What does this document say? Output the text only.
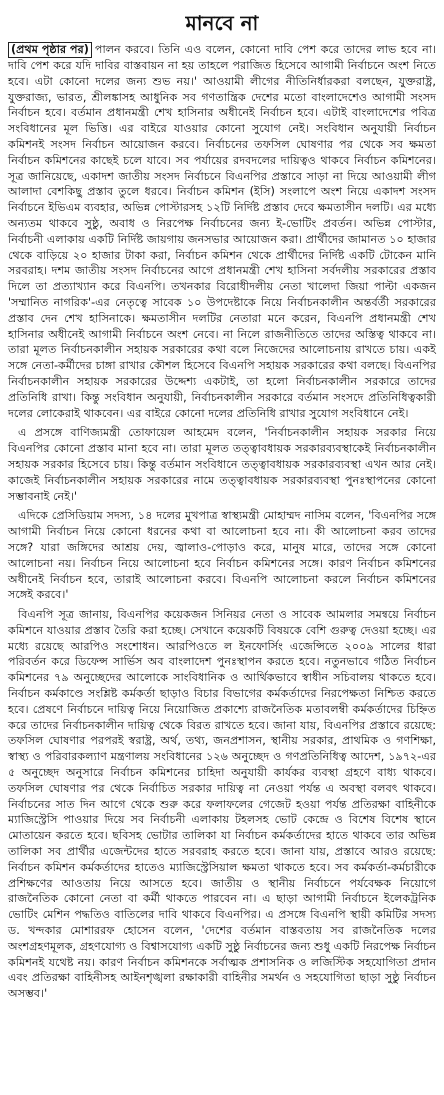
মানবে না

(প্রথম পৃষ্ঠার পর) পালন করবে। তিনি এও বলেন, কোনো দাবি পেশ করে তাদের লাভ হবে না। দাবি পেশ করে যদি দাবির বাস্তবায়ন না হয় তাহলে পরাজিত হিসেবে আগামী নির্বাচনে অংশ নিতে হবে। এটা কোনো দলের জন্য শুভ নয়।' আওয়ামী লীগের নীতিনির্ধারকরা বলছেন, যুক্তরাষ্ট্র, যুক্তরাজ্য, ভারত, শ্রীলঙ্কাসহ আধুনিক সব গণতান্ত্রিক দেশের মতো বাংলাদেশেও আগামী সংসদ নির্বাচন হবে। বর্তমান প্রধানমন্ত্রী শেখ হাসিনার অধীনেই নির্বাচন হবে। এটাই বাংলাদেশের পবিত্র সংবিধানের মূল ভিত্তি। এর বাইরে যাওয়ার কোনো সুযোগ নেই। সংবিধান অনুযায়ী নির্বাচন কমিশনই সংসদ নির্বাচন আয়োজন করবে। নির্বাচনের তফসিল ঘোষণার পর থেকে সব ক্ষমতা নির্বাচন কমিশনের কাছেই চলে যাবে। সব পর্যায়ের রদবদলের দায়িত্বও থাকবে নির্বাচন কমিশনের। সূত্র জানিয়েছে, একাদশ জাতীয় সংসদ নির্বাচনে বিএনপির প্রস্তাবে সাড়া না দিয়ে আওয়ামী লীগ আলাদা বেশকিছু প্রস্তাব তুলে ধরবে। নির্বাচন কমিশন (ইসি) সংলাপে অংশ নিয়ে একাদশ সংসদ নির্বাচনে ইভিএম ব্যবহার, অভিন্ন পোস্টারসহ ১২টি নির্দিষ্ট প্রস্তাব দেবে ক্ষমতাসীন দলটি। এর মধ্যে অন্যতম থাকবে সুষ্ঠু, অবাধ ও নিরপেক্ষ নির্বাচনের জন্য ই-ভোটিং প্রবর্তন। অভিন্ন পোস্টার, নির্বাচনী এলাকায় একটি নির্দিষ্ট জায়গায় জনসভার আয়োজন করা। প্রার্থীদের জামানত ১০ হাজার থেকে বাড়িয়ে ২০ হাজার টাকা করা, নির্বাচন কমিশন থেকে প্রার্থীদের নির্দিষ্ট একটি টোকেন মানি সরবরাহ। দশম জাতীয় সংসদ নির্বাচনের আগে প্রধানমন্ত্রী শেখ হাসিনা সর্বদলীয় সরকারের প্রস্তাব দিলে তা প্রত্যাখ্যান করে বিএনপি। তখনকার বিরোধীদলীয় নেতা খালেদা জিয়া পাল্টা একজন 'সম্মানিত নাগরিক'-এর নেতৃত্বে সাবেক ১০ উপদেষ্টাকে নিয়ে নির্বাচনকালীন অন্তর্বর্তী সরকারের প্রস্তাব দেন শেখ হাসিনাকে। ক্ষমতাসীন দলটির নেতারা মনে করেন, বিএনপি প্রধানমন্ত্রী শেখ হাসিনার অধীনেই আগামী নির্বাচনে অংশ নেবে। না নিলে রাজনীতিতে তাদের অস্তিত্ব থাকবে না। তারা মূলত নির্বাচনকালীন সহায়ক সরকারের কথা বলে নিজেদের আলোচনায় রাখতে চায়। একই সঙ্গে নেতা-কর্মীদের চাঙ্গা রাখার কৌশল হিসেবে বিএনপি সহায়ক সরকারের কথা বলছে। বিএনপির নির্বাচনকালীন সহায়ক সরকারের উদ্দেশ্য একটাই, তা হলো নির্বাচনকালীন সরকারে তাদের প্রতিনিধি রাখা। কিন্তু সংবিধান অনুযায়ী, নির্বাচনকালীন সরকারে বর্তমান সংসদে প্রতিনিধিত্বকারী দলের লোকেরাই থাকবেন। এর বাইরে কোনো দলের প্রতিনিধি রাখার সুযোগ সংবিধানে নেই।

এ প্রসঙ্গে বাণিজ্যমন্ত্রী তোফায়েল আহমেদ বলেন, 'নির্বাচনকালীন সহায়ক সরকার নিয়ে বিএনপির কোনো প্রস্তাব মানা হবে না। তারা মূলত তত্ত্বাবধায়ক সরকারব্যবস্থাকেই নির্বাচনকালীন সহায়ক সরকার হিসেবে চায়। কিন্তু বর্তমান সংবিধানে তত্ত্বাবধায়ক সরকারব্যবস্থা এখন আর নেই। কাজেই নির্বাচনকালীন সহায়ক সরকারের নামে তত্ত্বাবধায়ক সরকারব্যবস্থা পুনঃস্থাপনের কোনো সম্ভাবনাই নেই।'

এদিকে প্রেসিডিয়াম সদস্য, ১৪ দলের মুখপাত্র স্বাস্থ্যমন্ত্রী মোহাম্মদ নাসিম বলেন, 'বিএনপির সঙ্গে আগামী নির্বাচন নিয়ে কোনো ধরনের কথা বা আলোচনা হবে না। কী আলোচনা করব তাদের সঙ্গে? যারা জঙ্গিদের আশ্রয় দেয়, জ্বালাও-পোড়াও করে, মানুষ মারে, তাদের সঙ্গে কোনো আলোচনা নয়। নির্বাচন নিয়ে আলোচনা হবে নির্বাচন কমিশনের সঙ্গে। কারণ নির্বাচন কমিশনের অধীনেই নির্বাচন হবে, তারাই আলোচনা করবে। বিএনপি আলোচনা করলে নির্বাচন কমিশনের সঙ্গেই করবে।'

বিএনপি সূত্র জানায়, বিএনপির কয়েকজন সিনিয়র নেতা ও সাবেক আমলার সমন্বয়ে নির্বাচন কমিশনে যাওয়ার প্রস্তাব তৈরি করা হচ্ছে। সেখানে কয়েকটি বিষয়কে বেশি গুরুত্ব দেওয়া হচ্ছে। এর মধ্যে রয়েছে আরপিও সংশোধন। আরপিওতে ল ইনফোর্সিং এজেন্সিতে ২০০৯ সালের ধারা পরিবর্তন করে ডিফেন্স সার্ভিস অব বাংলাদেশ পুনঃস্থাপন করতে হবে। নতুনভাবে গঠিত নির্বাচন কমিশনের ৭৯ অনুচ্ছেদের আলোকে সাংবিধানিক ও আর্থিকভাবে স্বাধীন সচিবালয় থাকতে হবে। নির্বাচন কর্মকাণ্ডে সংশ্লিষ্ট কর্মকর্তা ছাড়াও বিচার বিভাগের কর্মকর্তাদের নিরপেক্ষতা নিশ্চিত করতে হবে। প্রেষণে নির্বাচনে দায়িত্ব নিয়ে নিয়োজিত প্রকাশ্যে রাজনৈতিক মতাবলম্বী কর্মকর্তাদের চিহ্নিত করে তাদের নির্বাচনকালীন দায়িত্ব থেকে বিরত রাখতে হবে। জানা যায়, বিএনপির প্রস্তাবে রয়েছে: তফসিল ঘোষণার পরপরই স্বরাষ্ট্র, অর্থ, তথ্য, জনপ্রশাসন, স্থানীয় সরকার, প্রাথমিক ও গণশিক্ষা, স্বাস্থ্য ও পরিবারকল্যাণ মন্ত্রণালয় সংবিধানের ১২৬ অনুচ্ছেদ ও গণপ্রতিনিধিত্ব আদেশ, ১৯৭২-এর ৫ অনুচ্ছেদ অনুসারে নির্বাচন কমিশনের চাহিদা অনুযায়ী কার্যকর ব্যবস্থা গ্রহণে বাধ্য থাকবে। তফসিল ঘোষণার পর থেকে নির্বাচিত সরকার দায়িত্ব না নেওয়া পর্যন্ত এ অবস্থা বলবৎ থাকবে। নির্বাচনের সাত দিন আগে থেকে শুরু করে ফলাফলের গেজেট হওয়া পর্যন্ত প্রতিরক্ষা বাহিনীকে ম্যাজিস্ট্রেসি পাওয়ার দিয়ে সব নির্বাচনী এলাকায় টহলসহ ভোট কেন্দ্রে ও বিশেষ বিশেষ স্থানে মোতায়েন করতে হবে। ছবিসহ ভোটার তালিকা যা নির্বাচন কর্মকর্তাদের হাতে থাকবে তার অভিন্ন তালিকা সব প্রার্থীর এজেন্টদের হাতে সরবরাহ করতে হবে। জানা যায়, প্রস্তাবে আরও রয়েছে: নির্বাচন কমিশন কর্মকর্তাদের হাতেও ম্যাজিস্ট্রেসিয়াল ক্ষমতা থাকতে হবে। সব কর্মকর্তা-কর্মচারীকে প্রশিক্ষণের আওতায় নিয়ে আসতে হবে। জাতীয় ও স্থানীয় নির্বাচনে পর্যবেক্ষক নিয়োগে রাজনৈতিক কোনো নেতা বা কর্মী থাকতে পারবেন না। এ ছাড়া আগামী নির্বাচনে ইলেকট্রনিক ভোটিং মেশিন পদ্ধতিও বাতিলের দাবি থাকবে বিএনপির। এ প্রসঙ্গে বিএনপি স্থায়ী কমিটির সদস্য ড. খন্দকার মোশাররফ হোসেন বলেন, 'দেশের বর্তমান বাস্তবতায় সব রাজনৈতিক দলের অংশগ্রহণমূলক, গ্রহণযোগ্য ও বিশ্বাসযোগ্য একটি সুষ্ঠু নির্বাচনের জন্য শুধু একটি নিরপেক্ষ নির্বাচন কমিশনই যথেষ্ট নয়। কারণ নির্বাচন কমিশনকে সর্বাত্মক প্রশাসনিক ও লজিস্টিক সহযোগিতা প্রদান এবং প্রতিরক্ষা বাহিনীসহ আইনশৃঙ্খলা রক্ষাকারী বাহিনীর সমর্থন ও সহযোগিতা ছাড়া সুষ্ঠু নির্বাচন অসম্ভব।'
